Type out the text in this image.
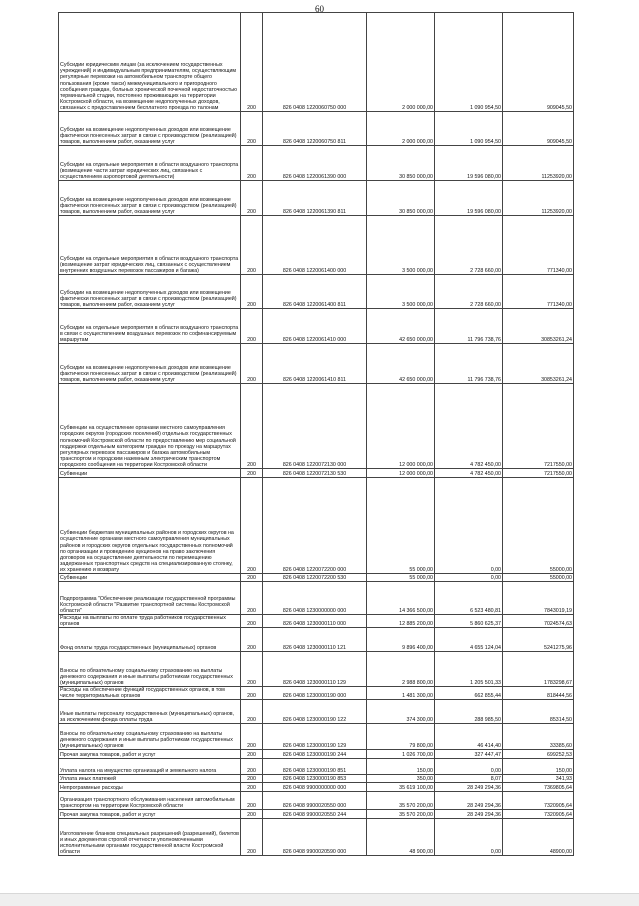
60
Субсидии юридическим лицам (за исключением государственных учреждений) и индивидуальным предпринимателям, осуществляющим регулярные перевозки на автомобильном транспорте общего пользования (кроме такси) межмуниципального и пригородного сообщения граждан, больных хронической почечной недостаточностью терминальной стадии, постоянно проживающих на территории Костромской области, на возмещение недополученных доходов, связанных с предоставлением бесплатного проезда по талонам	200	826 0408 1220060750 000	2 000 000,00	1 090 954,50	909045,50
Субсидии на возмещение недополученных доходов или возмещение фактически понесенных затрат в связи с производством (реализацией) товаров, выполнением работ, оказанием услуг	200	826 0408 1220060750 811	2 000 000,00	1 090 954,50	909045,50
Субсидии на отдельные мероприятия в области воздушного транспорта (возмещение части затрат юридических лиц, связанных с осуществлением аэропортовой деятельности)	200	826 0408 1220061390 000	30 850 000,00	19 596 080,00	11253920,00
Субсидии на возмещение недополученных доходов или возмещение фактически понесенных затрат в связи с производством (реализацией) товаров, выполнением работ, оказанием услуг	200	826 0408 1220061390 811	30 850 000,00	19 596 080,00	11253920,00
Субсидии на отдельные мероприятия в области воздушного транспорта (возмещение затрат юридических лиц, связанных с осуществлением внутренних воздушных перевозок пассажиров и багажа)	200	826 0408 1220061400 000	3 500 000,00	2 728 660,00	771340,00
Субсидии на возмещение недополученных доходов или возмещение фактически понесенных затрат в связи с производством (реализацией) товаров, выполнением работ, оказанием услуг	200	826 0408 1220061400 811	3 500 000,00	2 728 660,00	771340,00
Субсидии на отдельные мероприятия в области воздушного транспорта в связи с осуществлением воздушных перевозок по софинансируемым маршрутам	200	826 0408 1220061410 000	42 650 000,00	11 796 738,76	30853261,24
Субсидии на возмещение недополученных доходов или возмещение фактически понесенных затрат в связи с производством (реализацией) товаров, выполнением работ, оказанием услуг	200	826 0408 1220061410 811	42 650 000,00	11 796 738,76	30853261,24
Субвенции на осуществление органами местного самоуправления городских округов (городских поселений) отдельных государственных полномочий Костромской области по предоставлению мер социальной поддержки отдельным категориям граждан по проезду на маршрутах регулярных перевозок пассажиров и багажа автомобильным транспортом и городским наземным электрическим транспортом городского сообщения на территории Костромской области	200	826 0408 1220072130 000	12 000 000,00	4 782 450,00	7217550,00
Субвенции	200	826 0408 1220072130 530	12 000 000,00	4 782 450,00	7217550,00
Субвенции бюджетам муниципальных районов и городских округов на осуществление органами местного самоуправления муниципальных районов и городских округов отдельных государственных полномочий по организации и проведению аукционов на право заключения договоров на осуществление деятельности по перемещению задержанных транспортных средств на специализированную стоянку, их хранению и возврату	200	826 0408 1220072200 000	55 000,00	0,00	55000,00
Субвенции	200	826 0408 1220072200 530	55 000,00	0,00	55000,00
Подпрограмма "Обеспечение реализации государственной программы Костромской области "Развитие транспортной системы Костромской области"	200	826 0408 1230000000 000	14 366 500,00	6 523 480,81	7843019,19
Расходы на выплаты по оплате труда работников государственных органов	200	826 0408 1230000110 000	12 885 200,00	5 860 625,37	7024574,63
Фонд оплаты труда государственных (муниципальных) органов	200	826 0408 1230000110 121	9 896 400,00	4 655 124,04	5241275,96
Взносы по обязательному социальному страхованию на выплаты денежного содержания и иные выплаты работникам государственных (муниципальных) органов	200	826 0408 1230000110 129	2 988 800,00	1 205 501,33	1783298,67
Расходы на обеспечение функций государственных органов, в том числе территориальных органов	200	826 0408 1230000190 000	1 481 300,00	662 855,44	818444,56
Иные выплаты персоналу государственных (муниципальных) органов, за исключением фонда оплаты труда	200	826 0408 1230000190 122	374 300,00	288 985,50	85314,50
Взносы по обязательному социальному страхованию на выплаты денежного содержания и иные выплаты работникам государственных (муниципальных) органов	200	826 0408 1230000190 129	79 800,00	46 414,40	33385,60
Прочая закупка товаров, работ и услуг	200	826 0408 1230000190 244	1 026 700,00	327 447,47	699252,53
Уплата налога на имущество организаций и земельного налога	200	826 0408 1230000190 851	150,00	0,00	150,00
Уплата иных платежей	200	826 0408 1230000190 853	350,00	8,07	341,93
Непрограммные расходы	200	826 0408 9900000000 000	35 619 100,00	28 249 294,36	7369805,64
Организация транспортного обслуживания населения автомобильным транспортом на территории Костромской области	200	826 0408 9900020550 000	35 570 200,00	28 249 294,36	7320905,64
Прочая закупка товаров, работ и услуг	200	826 0408 9900020550 244	35 570 200,00	28 249 294,36	7320905,64
Изготовление бланков специальных разрешений (разрешений), билетов и иных документов строгой отчетности уполномоченными исполнительными органами государственной власти Костромской области	200	826 0408 9900020590 000	48 900,00	0,00	48900,00
